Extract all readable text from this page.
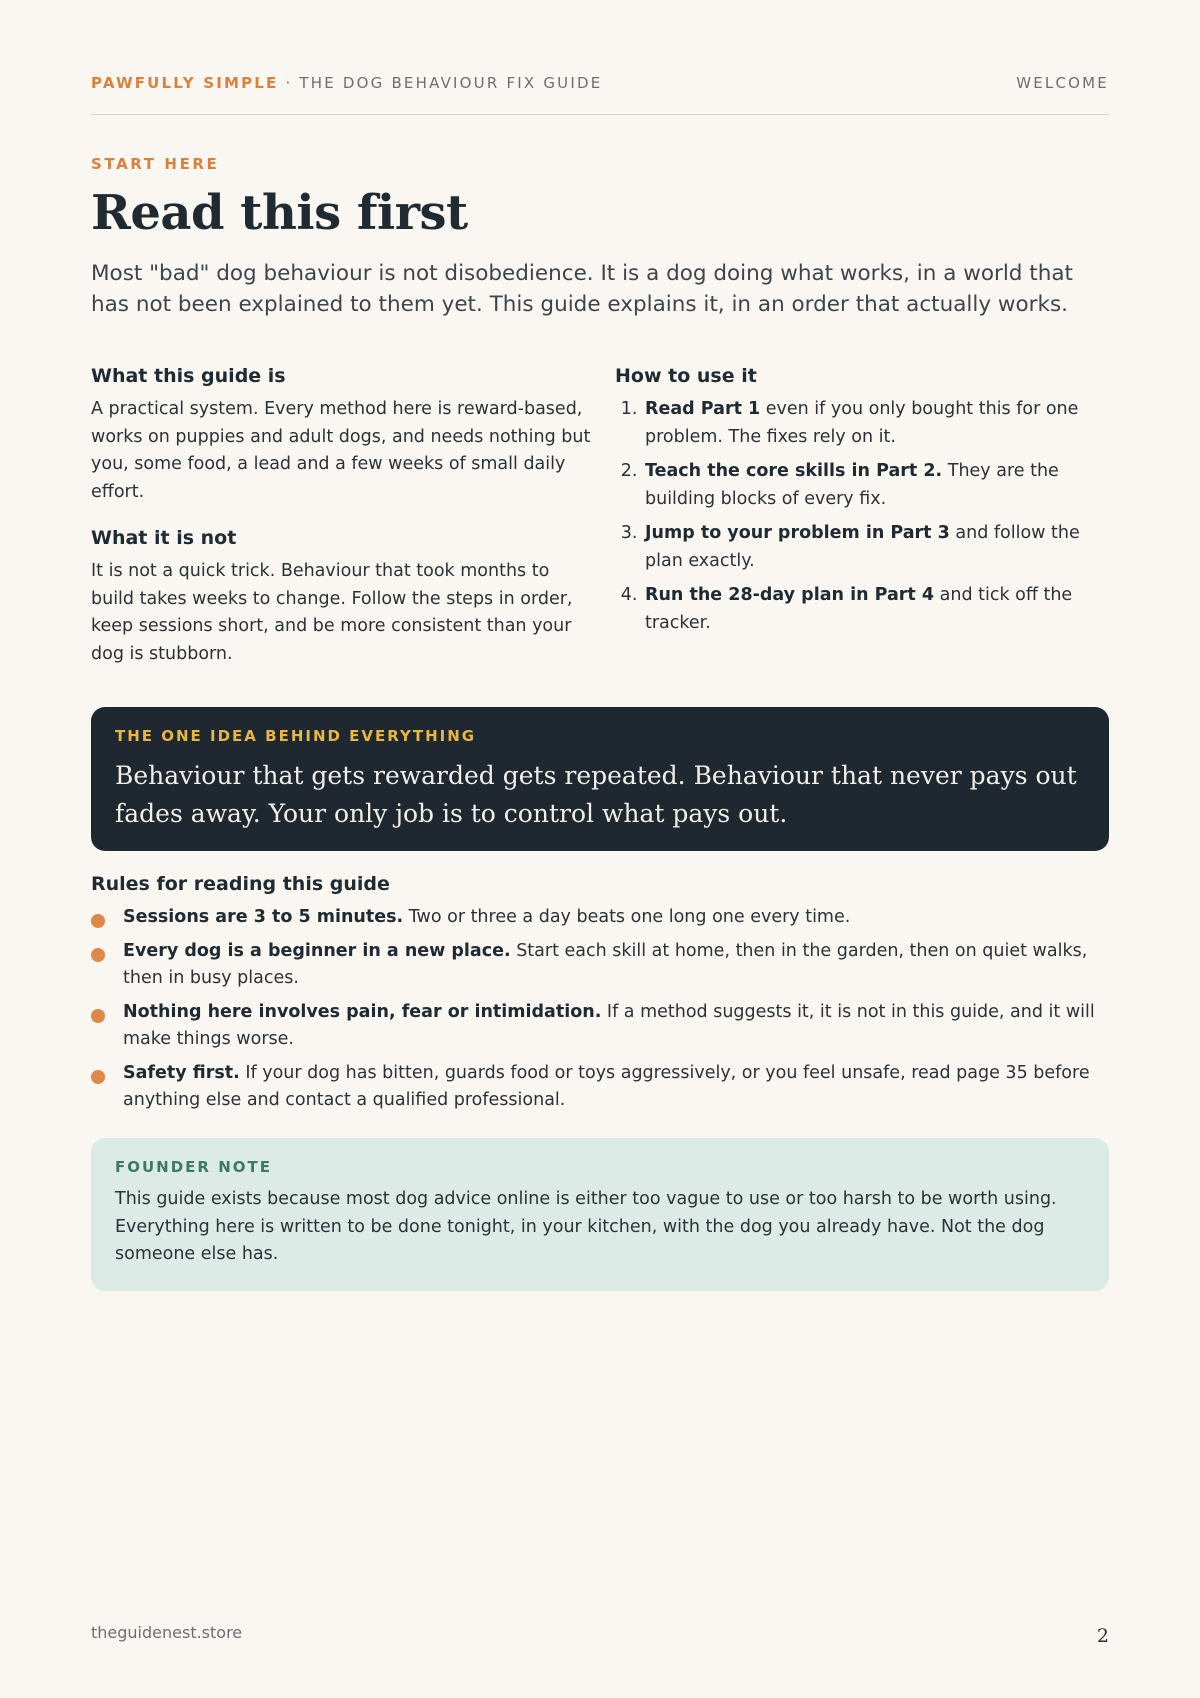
PAWFULLY SIMPLE · THE DOG BEHAVIOUR FIX GUIDE	WELCOME
START HERE
Read this first

Most "bad" dog behaviour is not disobedience. It is a dog doing what works, in a world that has not been explained to them yet. This guide explains it, in an order that actually works.

What this guide is

A practical system. Every method here is reward-based, works on puppies and adult dogs, and needs nothing but you, some food, a lead and a few weeks of small daily effort.

What it is not

It is not a quick trick. Behaviour that took months to build takes weeks to change. Follow the steps in order, keep sessions short, and be more consistent than your dog is stubborn.

How to use it
1. Read Part 1 even if you only bought this for one problem. The fixes rely on it.
2. Teach the core skills in Part 2. They are the building blocks of every fix.
3. Jump to your problem in Part 3 and follow the plan exactly.
4. Run the 28-day plan in Part 4 and tick off the tracker.
THE ONE IDEA BEHIND EVERYTHING

Behaviour that gets rewarded gets repeated. Behaviour that never pays out fades away. Your only job is to control what pays out.

Rules for reading this guide
Sessions are 3 to 5 minutes. Two or three a day beats one long one every time.
Every dog is a beginner in a new place. Start each skill at home, then in the garden, then on quiet walks, then in busy places.
Nothing here involves pain, fear or intimidation. If a method suggests it, it is not in this guide, and it will make things worse.
Safety first. If your dog has bitten, guards food or toys aggressively, or you feel unsafe, read page 35 before anything else and contact a qualified professional.
FOUNDER NOTE

This guide exists because most dog advice online is either too vague to use or too harsh to be worth using. Everything here is written to be done tonight, in your kitchen, with the dog you already have. Not the dog someone else has.

theguidenest.store	2
